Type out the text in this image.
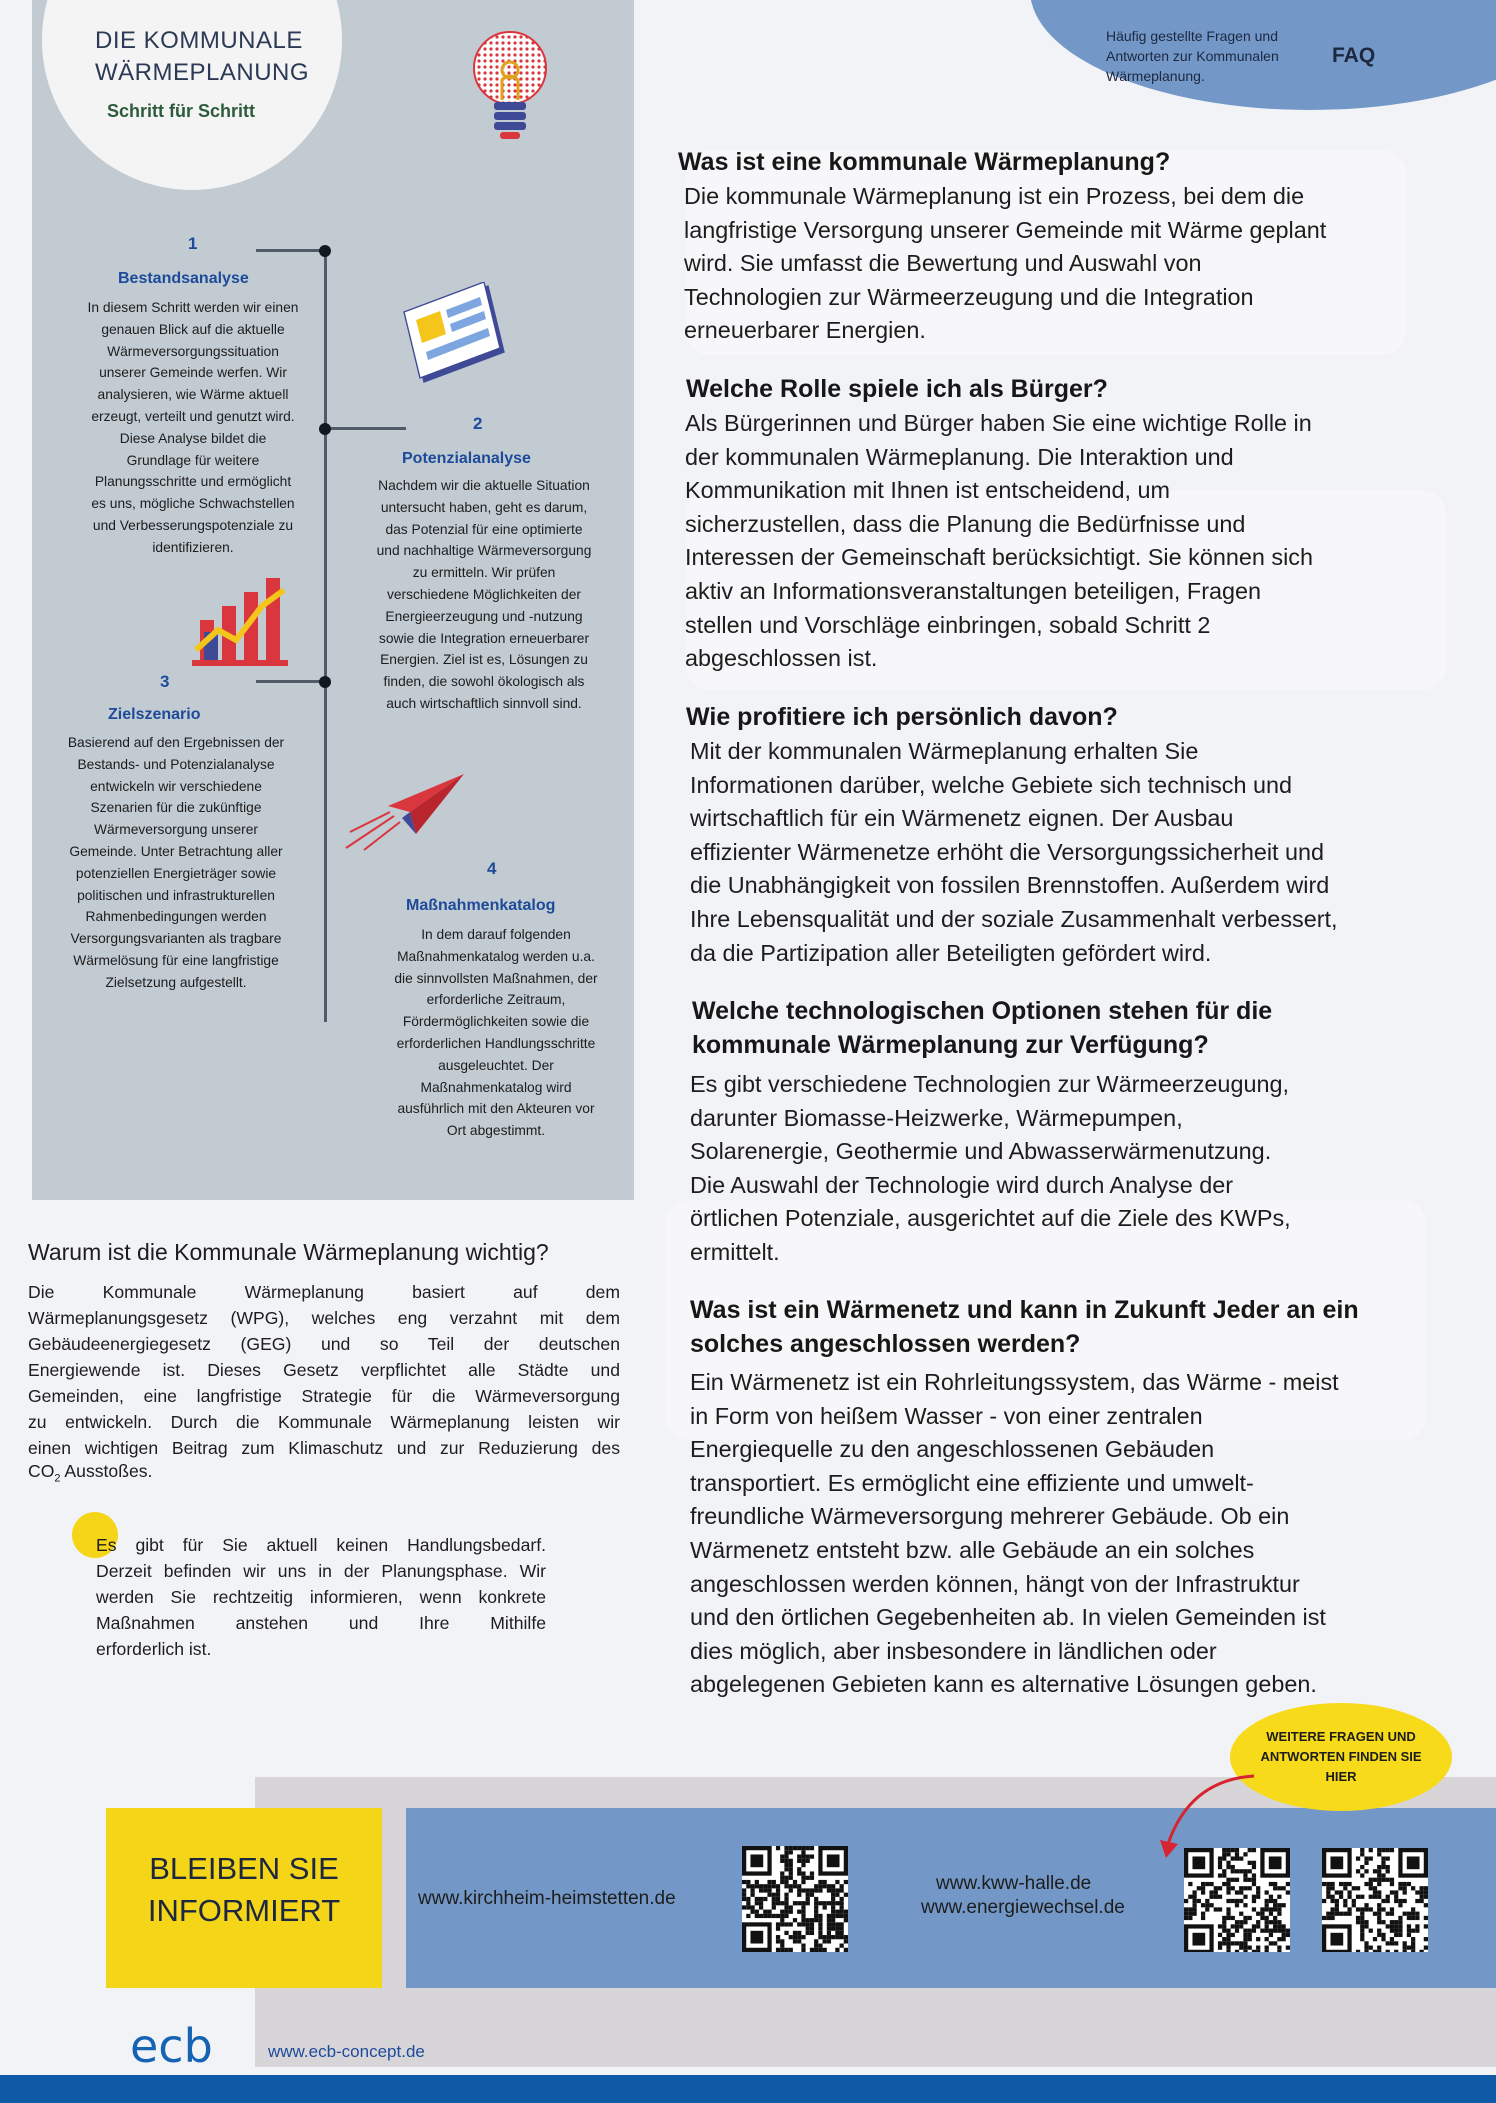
DIE KOMMUNALE
WÄRMEPLANUNG
Schritt für Schritt
1
Bestandsanalyse
In diesem Schritt werden wir einen
genauen Blick auf die aktuelle
Wärmeversorgungssituation
unserer Gemeinde werfen. Wir
analysieren, wie Wärme aktuell
erzeugt, verteilt und genutzt wird.
Diese Analyse bildet die
Grundlage für weitere
Planungsschritte und ermöglicht
es uns, mögliche Schwachstellen
und Verbesserungspotenziale zu
identifizieren.
2
Potenzialanalyse
Nachdem wir die aktuelle Situation
untersucht haben, geht es darum,
das Potenzial für eine optimierte
und nachhaltige Wärmeversorgung
zu ermitteln. Wir prüfen
verschiedene Möglichkeiten der
Energieerzeugung und -nutzung
sowie die Integration erneuerbarer
Energien. Ziel ist es, Lösungen zu
finden, die sowohl ökologisch als
auch wirtschaftlich sinnvoll sind.
3
Zielszenario
Basierend auf den Ergebnissen der
Bestands- und Potenzialanalyse
entwickeln wir verschiedene
Szenarien für die zukünftige
Wärmeversorgung unserer
Gemeinde. Unter Betrachtung aller
potenziellen Energieträger sowie
politischen und infrastrukturellen
Rahmenbedingungen werden
Versorgungsvarianten als tragbare
Wärmelösung für eine langfristige
Zielsetzung aufgestellt.
4
Maßnahmenkatalog
In dem darauf folgenden
Maßnahmenkatalog werden u.a.
die sinnvollsten Maßnahmen, der
erforderliche Zeitraum,
Fördermöglichkeiten sowie die
erforderlichen Handlungsschritte
ausgeleuchtet. Der
Maßnahmenkatalog wird
ausführlich mit den Akteuren vor
Ort abgestimmt.
Warum ist die Kommunale Wärmeplanung wichtig?
Die Kommunale Wärmeplanung basiert auf dem
Wärmeplanungsgesetz (WPG), welches eng verzahnt mit dem
Gebäudeenergiegesetz (GEG) und so Teil der deutschen
Energiewende ist. Dieses Gesetz verpflichtet alle Städte und
Gemeinden, eine langfristige Strategie für die Wärmeversorgung
zu entwickeln. Durch die Kommunale Wärmeplanung leisten wir
einen wichtigen Beitrag zum Klimaschutz und zur Reduzierung des
$CO_2$ Ausstoßes.
Es gibt für Sie aktuell keinen Handlungsbedarf.
Derzeit befinden wir uns in der Planungsphase. Wir
werden Sie rechtzeitig informieren, wenn konkrete
Maßnahmen anstehen und Ihre Mithilfe
erforderlich ist.
Häufig gestellte Fragen und
Antworten zur Kommunalen
Wärmeplanung.
FAQ
Was ist eine kommunale Wärmeplanung?
Die kommunale Wärmeplanung ist ein Prozess, bei dem die
langfristige Versorgung unserer Gemeinde mit Wärme geplant
wird. Sie umfasst die Bewertung und Auswahl von
Technologien zur Wärmeerzeugung und die Integration
erneuerbarer Energien.
Welche Rolle spiele ich als Bürger?
Als Bürgerinnen und Bürger haben Sie eine wichtige Rolle in
der kommunalen Wärmeplanung. Die Interaktion und
Kommunikation mit Ihnen ist entscheidend, um
sicherzustellen, dass die Planung die Bedürfnisse und
Interessen der Gemeinschaft berücksichtigt. Sie können sich
aktiv an Informationsveranstaltungen beteiligen, Fragen
stellen und Vorschläge einbringen, sobald Schritt 2
abgeschlossen ist.
Wie profitiere ich persönlich davon?
Mit der kommunalen Wärmeplanung erhalten Sie
Informationen darüber, welche Gebiete sich technisch und
wirtschaftlich für ein Wärmenetz eignen. Der Ausbau
effizienter Wärmenetze erhöht die Versorgungssicherheit und
die Unabhängigkeit von fossilen Brennstoffen. Außerdem wird
Ihre Lebensqualität und der soziale Zusammenhalt verbessert,
da die Partizipation aller Beteiligten gefördert wird.
Welche technologischen Optionen stehen für die
kommunale Wärmeplanung zur Verfügung?
Es gibt verschiedene Technologien zur Wärmeerzeugung,
darunter Biomasse-Heizwerke, Wärmepumpen,
Solarenergie, Geothermie und Abwasserwärmenutzung.
Die Auswahl der Technologie wird durch Analyse der
örtlichen Potenziale, ausgerichtet auf die Ziele des KWPs,
ermittelt.
Was ist ein Wärmenetz und kann in Zukunft Jeder an ein
solches angeschlossen werden?
Ein Wärmenetz ist ein Rohrleitungssystem, das Wärme - meist
in Form von heißem Wasser - von einer zentralen
Energiequelle zu den angeschlossenen Gebäuden
transportiert. Es ermöglicht eine effiziente und umwelt-
freundliche Wärmeversorgung mehrerer Gebäude. Ob ein
Wärmenetz entsteht bzw. alle Gebäude an ein solches
angeschlossen werden können, hängt von der Infrastruktur
und den örtlichen Gegebenheiten ab. In vielen Gemeinden ist
dies möglich, aber insbesondere in ländlichen oder
abgelegenen Gebieten kann es alternative Lösungen geben.
BLEIBEN SIE
INFORMIERT	www.kirchheim-heimstetten.de
www.kww-halle.de
www.energiewechsel.de
WEITERE FRAGEN UND
ANTWORTEN FINDEN SIE
HIER
ecb	www.ecb-concept.de
